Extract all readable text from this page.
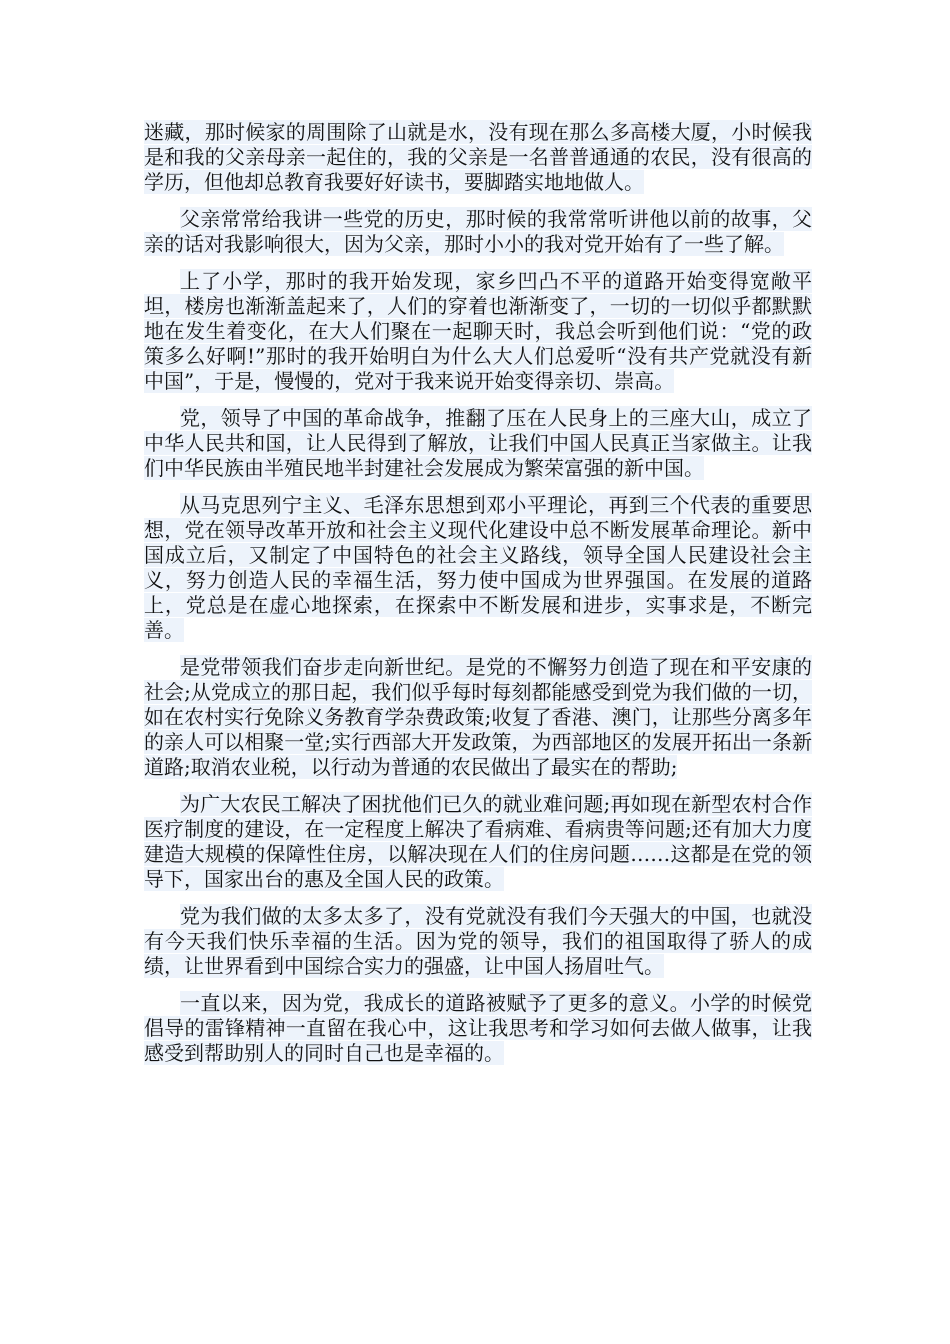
迷藏，那时候家的周围除了山就是水，没有现在那么多高楼大厦，小时候我是和我的父亲母亲一起住的，我的父亲是一名普普通通的农民，没有很高的学历，但他却总教育我要好好读书，要脚踏实地地做人。

父亲常常给我讲一些党的历史，那时候的我常常听讲他以前的故事，父亲的话对我影响很大，因为父亲，那时小小的我对党开始有了一些了解。

上了小学，那时的我开始发现，家乡凹凸不平的道路开始变得宽敞平坦，楼房也渐渐盖起来了，人们的穿着也渐渐变了，一切的一切似乎都默默地在发生着变化，在大人们聚在一起聊天时，我总会听到他们说：“党的政策多么好啊!”那时的我开始明白为什么大人们总爱听“没有共产党就没有新中国”，于是，慢慢的，党对于我来说开始变得亲切、崇高。

党，领导了中国的革命战争，推翻了压在人民身上的三座大山，成立了中华人民共和国，让人民得到了解放，让我们中国人民真正当家做主。让我们中华民族由半殖民地半封建社会发展成为繁荣富强的新中国。

从马克思列宁主义、毛泽东思想到邓小平理论，再到三个代表的重要思想，党在领导改革开放和社会主义现代化建设中总不断发展革命理论。新中国成立后，又制定了中国特色的社会主义路线，领导全国人民建设社会主义，努力创造人民的幸福生活，努力使中国成为世界强国。在发展的道路上，党总是在虚心地探索，在探索中不断发展和进步，实事求是，不断完善。

是党带领我们奋步走向新世纪。是党的不懈努力创造了现在和平安康的社会;从党成立的那日起，我们似乎每时每刻都能感受到党为我们做的一切，如在农村实行免除义务教育学杂费政策;收复了香港、澳门，让那些分离多年的亲人可以相聚一堂;实行西部大开发政策，为西部地区的发展开拓出一条新道路;取消农业税，以行动为普通的农民做出了最实在的帮助;

为广大农民工解决了困扰他们已久的就业难问题;再如现在新型农村合作医疗制度的建设，在一定程度上解决了看病难、看病贵等问题;还有加大力度建造大规模的保障性住房，以解决现在人们的住房问题……这都是在党的领导下，国家出台的惠及全国人民的政策。

党为我们做的太多太多了，没有党就没有我们今天强大的中国，也就没有今天我们快乐幸福的生活。因为党的领导，我们的祖国取得了骄人的成绩，让世界看到中国综合实力的强盛，让中国人扬眉吐气。

一直以来，因为党，我成长的道路被赋予了更多的意义。小学的时候党倡导的雷锋精神一直留在我心中，这让我思考和学习如何去做人做事，让我感受到帮助别人的同时自己也是幸福的。
